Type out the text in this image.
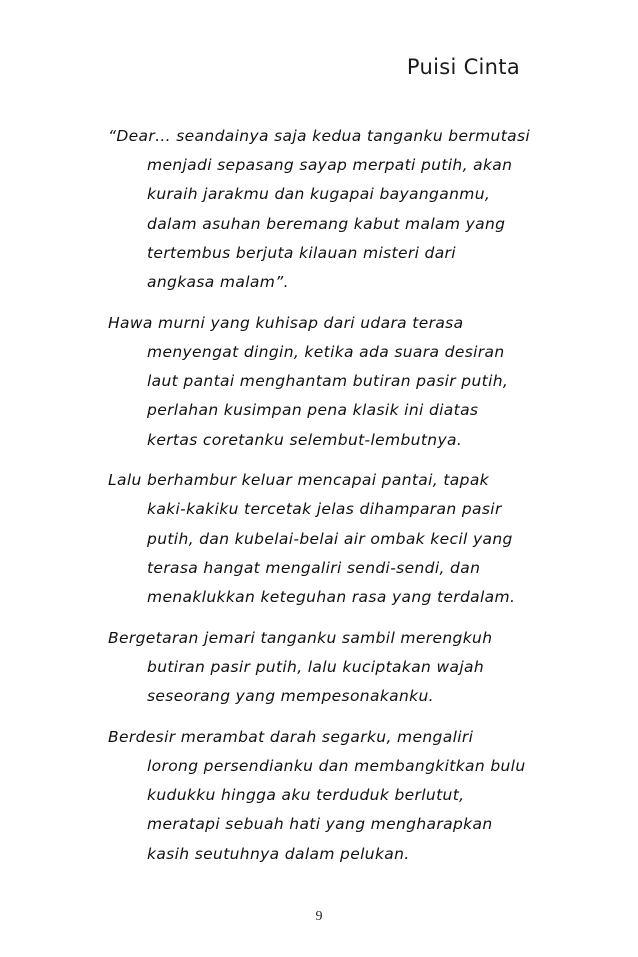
Puisi Cinta
“Dear… seandainya saja kedua tanganku bermutasi
menjadi sepasang sayap merpati putih, akan
kuraih jarakmu dan kugapai bayanganmu,
dalam asuhan beremang kabut malam yang
tertembus berjuta kilauan misteri dari
angkasa malam”.
Hawa murni yang kuhisap dari udara terasa
menyengat dingin, ketika ada suara desiran
laut pantai menghantam butiran pasir putih,
perlahan kusimpan pena klasik ini diatas
kertas coretanku selembut-lembutnya.
Lalu berhambur keluar mencapai pantai, tapak
kaki-kakiku tercetak jelas dihamparan pasir
putih, dan kubelai-belai air ombak kecil yang
terasa hangat mengaliri sendi-sendi, dan
menaklukkan keteguhan rasa yang terdalam.
Bergetaran jemari tanganku sambil merengkuh
butiran pasir putih, lalu kuciptakan wajah
seseorang yang mempesonakanku.
Berdesir merambat darah segarku, mengaliri
lorong persendianku dan membangkitkan bulu
kudukku hingga aku terduduk berlutut,
meratapi sebuah hati yang mengharapkan
kasih seutuhnya dalam pelukan.
9
